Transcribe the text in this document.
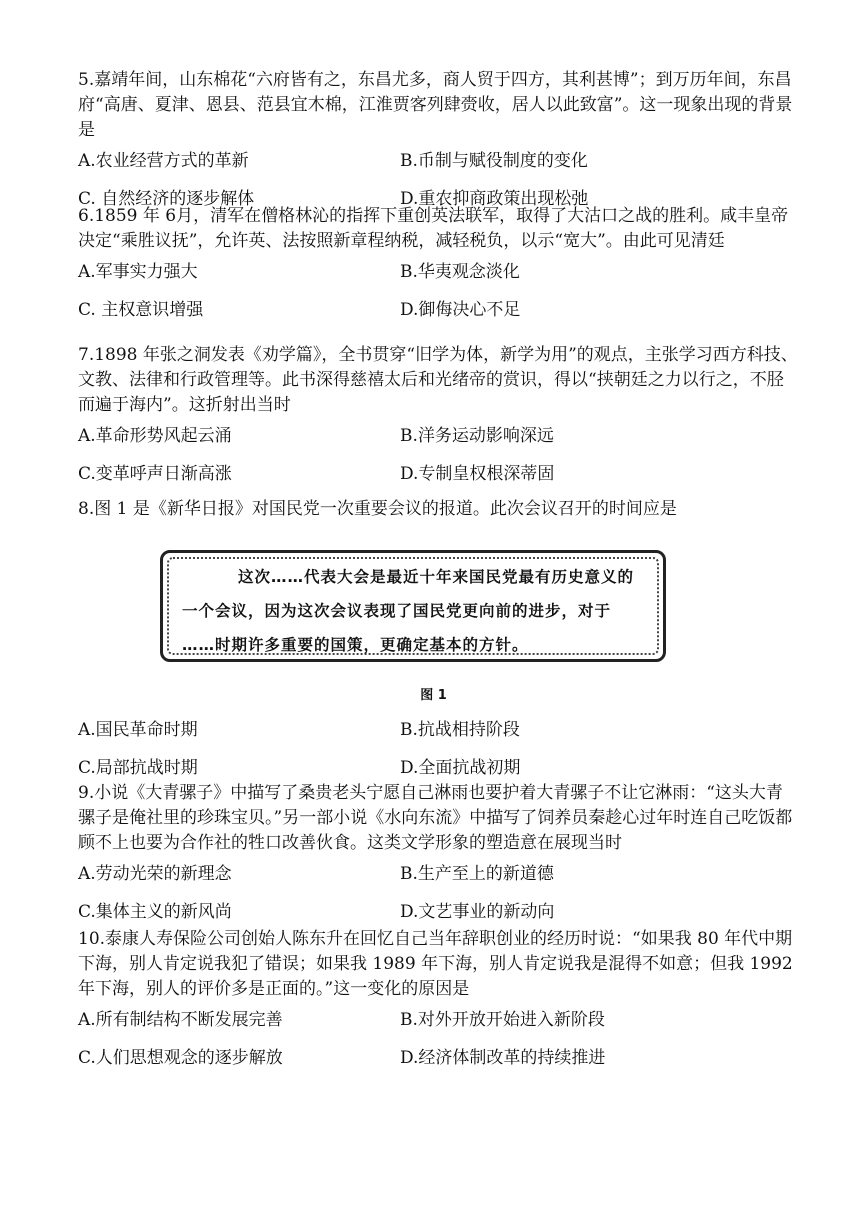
5.嘉靖年间，山东棉花“六府皆有之，东昌尤多，商人贸于四方，其利甚博”；到万历年间，东昌府“高唐、夏津、恩县、范县宜木棉，江淮贾客列肆赍收，居人以此致富”。这一现象出现的背景是

A.农业经营方式的革新	B.币制与赋役制度的变化
C. 自然经济的逐步解体	D.重农抑商政策出现松弛

6.1859 年 6月，清军在僧格林沁的指挥下重创英法联军，取得了大沽口之战的胜利。咸丰皇帝决定“乘胜议抚”，允许英、法按照新章程纳税，减轻税负，以示“宽大”。由此可见清廷

A.军事实力强大	B.华夷观念淡化
C. 主权意识增强	D.御侮决心不足

7.1898 年张之洞发表《劝学篇》，全书贯穿“旧学为体，新学为用”的观点，主张学习西方科技、文教、法律和行政管理等。此书深得慈禧太后和光绪帝的赏识，得以“挟朝廷之力以行之，不胫而遍于海内”。这折射出当时

A.革命形势风起云涌	B.洋务运动影响深远
C.变革呼声日渐高涨	D.专制皇权根深蒂固

8.图 1 是《新华日报》对国民党一次重要会议的报道。此次会议召开的时间应是

这次……代表大会是最近十年来国民党最有历史意义的
一个会议，因为这次会议表现了国民党更向前的进步，对于
……时期许多重要的国策，更确定基本的方针。
图 1
A.国民革命时期	B.抗战相持阶段
C.局部抗战时期	D.全面抗战初期

9.小说《大青骡子》中描写了桑贵老头宁愿自己淋雨也要护着大青骡子不让它淋雨：“这头大青骡子是俺社里的珍珠宝贝。”另一部小说《水向东流》中描写了饲养员秦趁心过年时连自己吃饭都顾不上也要为合作社的牲口改善伙食。这类文学形象的塑造意在展现当时

A.劳动光荣的新理念	B.生产至上的新道德
C.集体主义的新风尚	D.文艺事业的新动向

10.泰康人寿保险公司创始人陈东升在回忆自己当年辞职创业的经历时说：“如果我 80 年代中期下海，别人肯定说我犯了错误；如果我 1989 年下海，别人肯定说我是混得不如意；但我 1992 年下海，别人的评价多是正面的。”这一变化的原因是

A.所有制结构不断发展完善	B.对外开放开始进入新阶段
C.人们思想观念的逐步解放	D.经济体制改革的持续推进
